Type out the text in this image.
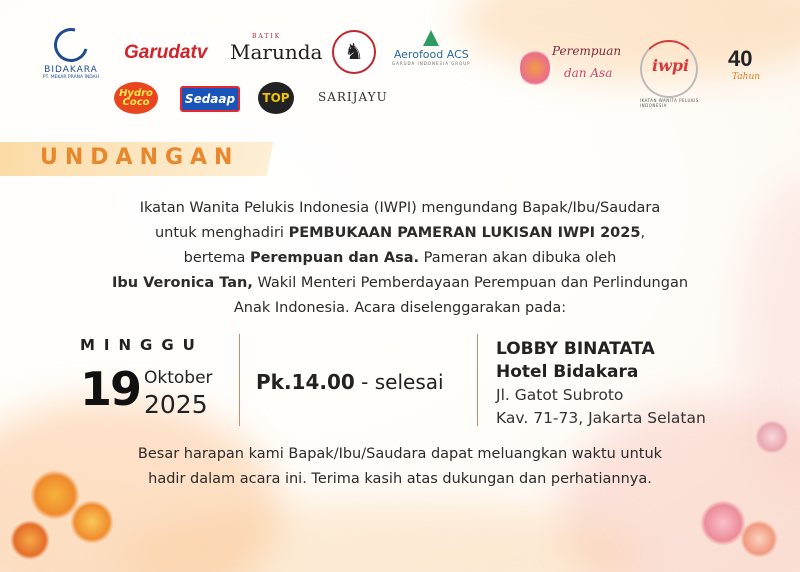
BIDAKARA
PT. MEKAR PRANA INDAH
Garudatv
BATIK
Marunda ♞	Aerofood ACS
GARUDA INDONESIA GROUP
Hydro Coco	Sedaap	TOP	SARIJAYU
Perempuan
dan Asa iwpi
IKATAN WANITA PELUKIS INDONESIA
40
Tahun
UNDANGAN
Ikatan Wanita Pelukis Indonesia (IWPI) mengundang Bapak/Ibu/Saudara
untuk menghadiri PEMBUKAAN PAMERAN LUKISAN IWPI 2025,
bertema Perempuan dan Asa. Pameran akan dibuka oleh
Ibu Veronica Tan, Wakil Menteri Pemberdayaan Perempuan dan Perlindungan
Anak Indonesia. Acara diselenggarakan pada:
MINGGU
19 Oktober
2025
Pk.14.00 - selesai
LOBBY BINATATA
Hotel Bidakara
Jl. Gatot Subroto
Kav. 71-73, Jakarta Selatan
Besar harapan kami Bapak/Ibu/Saudara dapat meluangkan waktu untuk
hadir dalam acara ini. Terima kasih atas dukungan dan perhatiannya.
